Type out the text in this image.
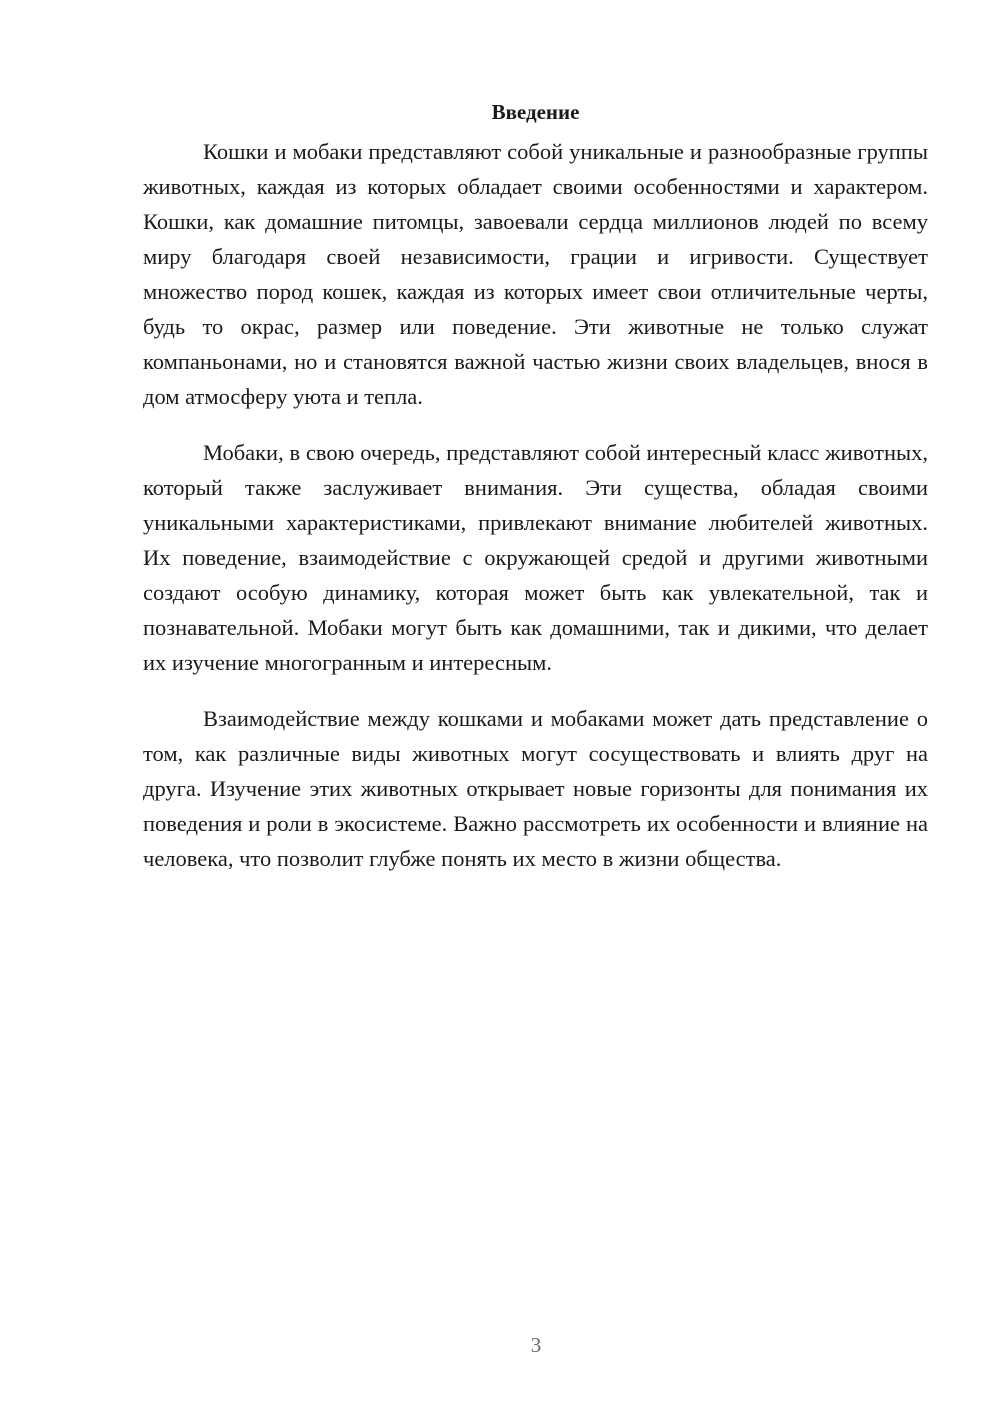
Введение

Кошки и мобаки представляют собой уникальные и разнообразные группы животных, каждая из которых обладает своими особенностями и характером. Кошки, как домашние питомцы, завоевали сердца миллионов людей по всему миру благодаря своей независимости, грации и игривости. Существует множество пород кошек, каждая из которых имеет свои отличительные черты, будь то окрас, размер или поведение. Эти животные не только служат компаньонами, но и становятся важной частью жизни своих владельцев, внося в дом атмосферу уюта и тепла.

Мобаки, в свою очередь, представляют собой интересный класс животных, который также заслуживает внимания. Эти существа, обладая своими уникальными характеристиками, привлекают внимание любителей животных. Их поведение, взаимодействие с окружающей средой и другими животными создают особую динамику, которая может быть как увлекательной, так и познавательной. Мобаки могут быть как домашними, так и дикими, что делает их изучение многогранным и интересным.

Взаимодействие между кошками и мобаками может дать представление о том, как различные виды животных могут сосуществовать и влиять друг на друга. Изучение этих животных открывает новые горизонты для понимания их поведения и роли в экосистеме. Важно рассмотреть их особенности и влияние на человека, что позволит глубже понять их место в жизни общества.

3
